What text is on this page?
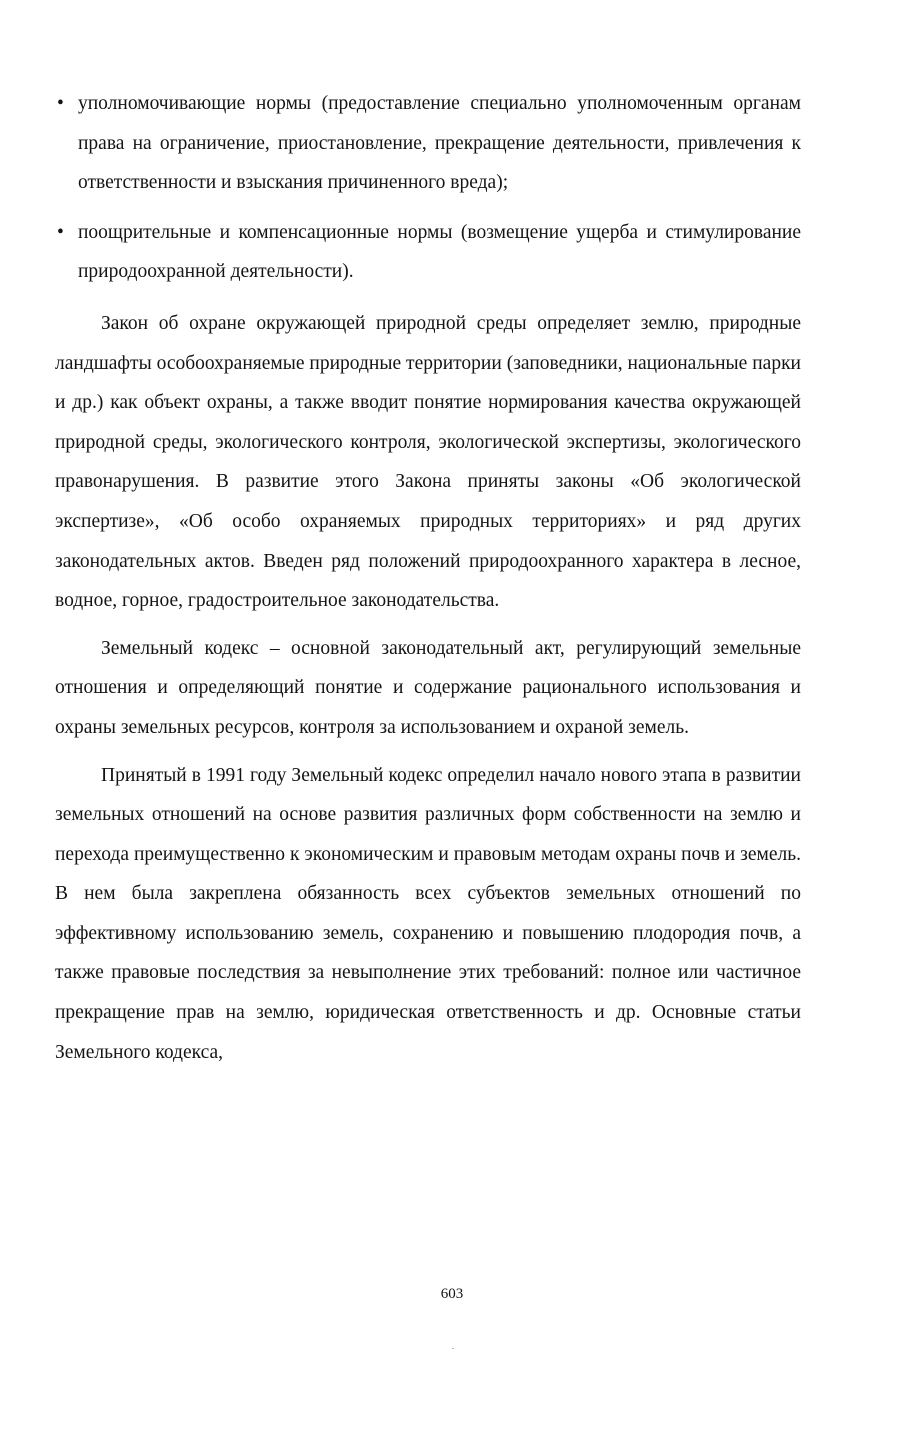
• уполномочивающие нормы (предоставление специально уполномоченным органам права на ограничение, приостановление, прекращение деятельности, привлечения к ответственности и взыскания причиненного вреда);
• поощрительные и компенсационные нормы (возмещение ущерба и стимулирование природоохранной деятельности).

Закон об охране окружающей природной среды определяет землю, природные ландшафты особоохраняемые природные территории (заповедники, национальные парки и др.) как объект охраны, а также вводит понятие нормирования качества окружающей природной среды, экологического контроля, экологической экспертизы, экологического правонарушения. В развитие этого Закона приняты законы «Об экологической экспертизе», «Об особо охраняемых природных территориях» и ряд других законодательных актов. Введен ряд положений природоохранного характера в лесное, водное, горное, градостроительное законодательства.

Земельный кодекс – основной законодательный акт, регулирующий земельные отношения и определяющий понятие и содержание рационального использования и охраны земельных ресурсов, контроля за использованием и охраной земель.

Принятый в 1991 году Земельный кодекс определил начало нового этапа в развитии земельных отношений на основе развития различных форм собственности на землю и перехода преимущественно к экономическим и правовым методам охраны почв и земель. В нем была закреплена обязанность всех субъектов земельных отношений по эффективному использованию земель, сохранению и повышению плодородия почв, а также правовые последствия за невыполнение этих требований: полное или частичное прекращение прав на землю, юридическая ответственность и др. Основные статьи Земельного кодекса,

603
